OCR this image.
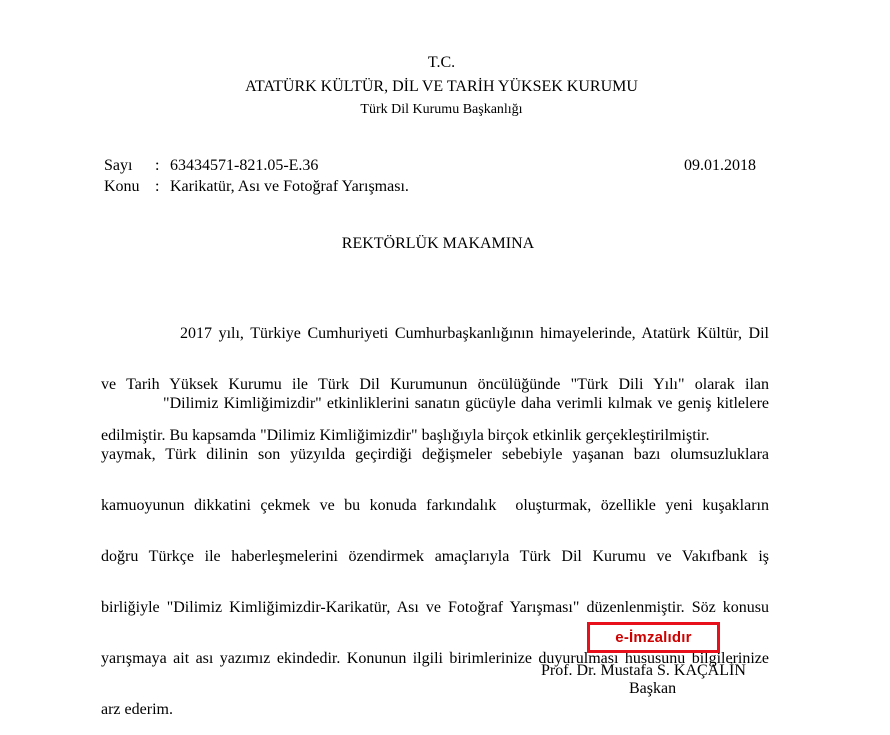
T.C.
ATATÜRK KÜLTÜR, DİL VE TARİH YÜKSEK KURUMU
Türk Dil Kurumu Başkanlığı
Sayı : 63434571-821.05-E.36	09.01.2018
Konu : Karikatür, Ası ve Fotoğraf Yarışması.
REKTÖRLÜK MAKAMINA

2017 yılı, Türkiye Cumhuriyeti Cumhurbaşkanlığının himayelerinde, Atatürk Kültür, Dil

ve Tarih Yüksek Kurumu ile Türk Dil Kurumunun öncülüğünde "Türk Dili Yılı" olarak ilan

edilmiştir. Bu kapsamda "Dilimiz Kimliğimizdir" başlığıyla birçok etkinlik gerçekleştirilmiştir.

"Dilimiz Kimliğimizdir" etkinliklerini sanatın gücüyle daha verimli kılmak ve geniş kitlelere

yaymak, Türk dilinin son yüzyılda geçirdiği değişmeler sebebiyle yaşanan bazı olumsuzluklara

kamuoyunun dikkatini çekmek ve bu konuda farkındalık  oluşturmak, özellikle yeni kuşakların

doğru Türkçe ile haberleşmelerini özendirmek amaçlarıyla Türk Dil Kurumu ve Vakıfbank iş

birliğiyle "Dilimiz Kimliğimizdir-Karikatür, Ası ve Fotoğraf Yarışması" düzenlenmiştir. Söz konusu

yarışmaya ait ası yazımız ekindedir. Konunun ilgili birimlerinize duyurulması hususunu bilgilerinize

arz ederim.

e-İmzalıdır
Prof. Dr. Mustafa S. KAÇALİN
Başkan
